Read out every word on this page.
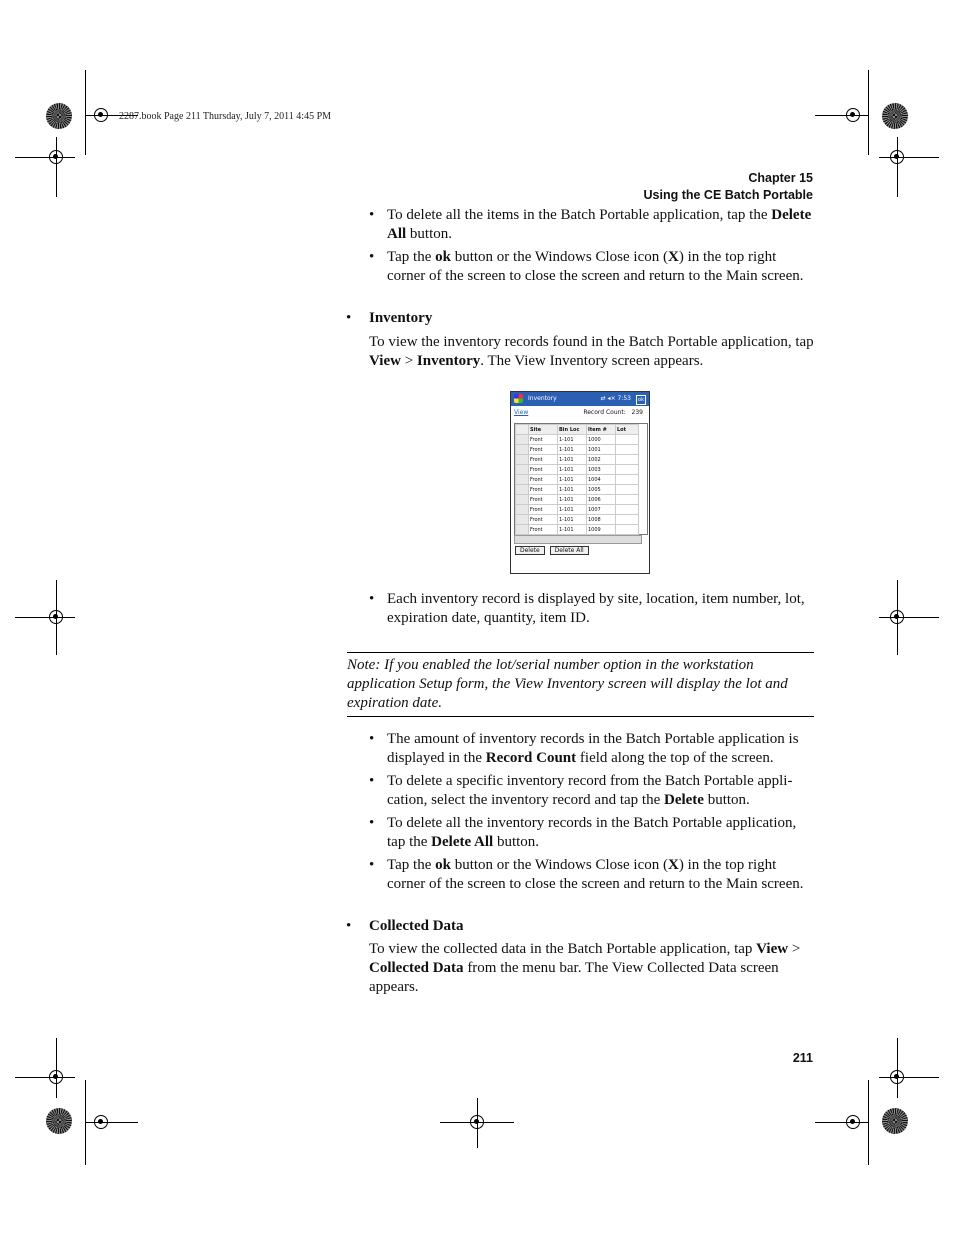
2287.book Page 211 Thursday, July 7, 2011 4:45 PM
Chapter 15
Using the CE Batch Portable
• To delete all the items in the Batch Portable application, tap the Delete All button.
• Tap the ok button or the Windows Close icon (X) in the top right corner of the screen to close the screen and return to the Main screen.
• Inventory
To view the inventory records found in the Batch Portable application, tap View > Inventory. The View Inventory screen appears.
Inventory	⇄ ◂× 7:53	ok
View	Record Count: 239
	Site	Bin Loc	Item #	Lot
	Front	1-101	1000	
	Front	1-101	1001	
	Front	1-101	1002	
	Front	1-101	1003	
	Front	1-101	1004	
	Front	1-101	1005	
	Front	1-101	1006	
	Front	1-101	1007	
	Front	1-101	1008	
	Front	1-101	1009	
Delete Delete All
• Each inventory record is displayed by site, location, item number, lot, expiration date, quantity, item ID.
Note: If you enabled the lot/serial number option in the workstation application Setup form, the View Inventory screen will display the lot and expiration date.
• The amount of inventory records in the Batch Portable application is displayed in the Record Count field along the top of the screen.
• To delete a specific inventory record from the Batch Portable appli-cation, select the inventory record and tap the Delete button.
• To delete all the inventory records in the Batch Portable application, tap the Delete All button.
• Tap the ok button or the Windows Close icon (X) in the top right corner of the screen to close the screen and return to the Main screen.
• Collected Data
To view the collected data in the Batch Portable application, tap View > Collected Data from the menu bar. The View Collected Data screen appears.
211
